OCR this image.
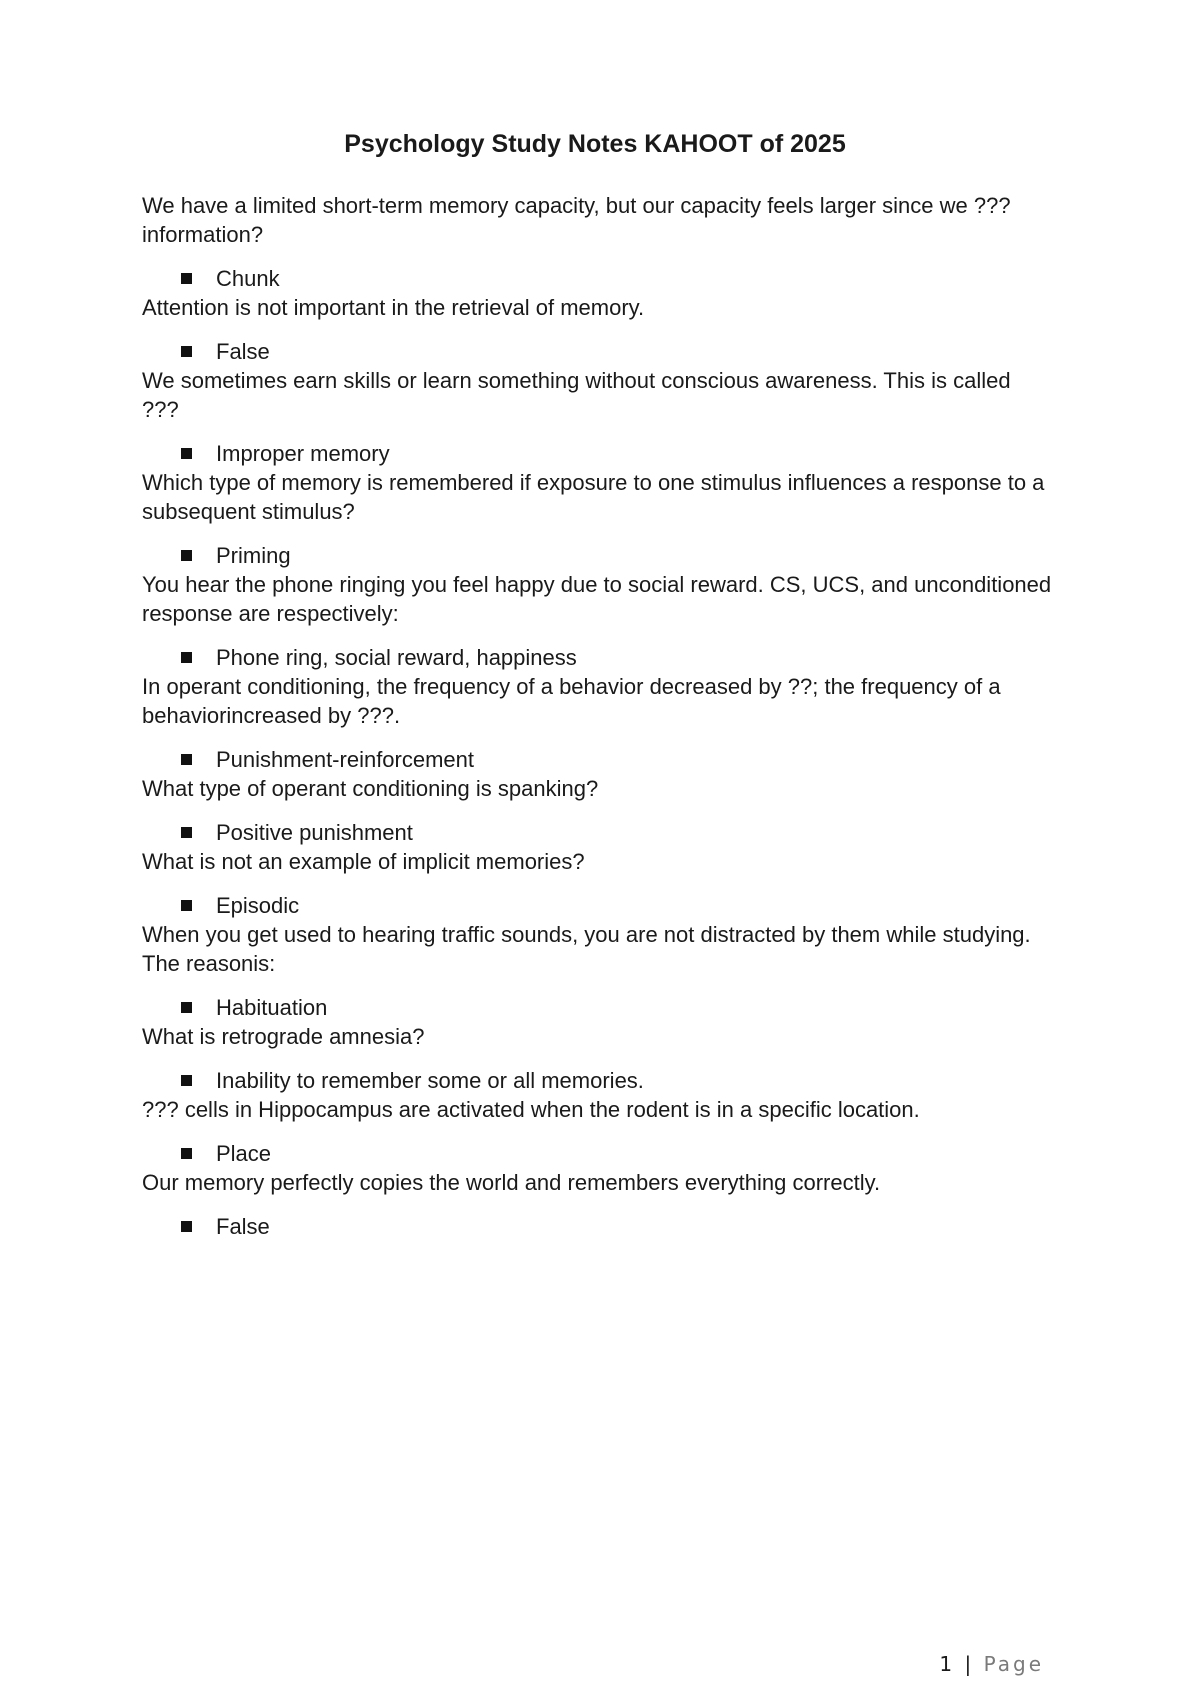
Psychology Study Notes KAHOOT of 2025

We have a limited short-term memory capacity, but our capacity feels larger since we ???information?

Chunk

Attention is not important in the retrieval of memory.

False

We sometimes earn skills or learn something without conscious awareness. This is called ???

Improper memory

Which type of memory is remembered if exposure to one stimulus influences a response to a subsequent stimulus?

Priming

You hear the phone ringing you feel happy due to social reward. CS, UCS, and unconditioned response are respectively:

Phone ring, social reward, happiness

In operant conditioning, the frequency of a behavior decreased by ??; the frequency of a behaviorincreased by ???.

Punishment-reinforcement

What type of operant conditioning is spanking?

Positive punishment

What is not an example of implicit memories?

Episodic

When you get used to hearing traffic sounds, you are not distracted by them while studying. The reasonis:

Habituation

What is retrograde amnesia?

Inability to remember some or all memories.

??? cells in Hippocampus are activated when the rodent is in a specific location.

Place

Our memory perfectly copies the world and remembers everything correctly.

False
1 | Page
